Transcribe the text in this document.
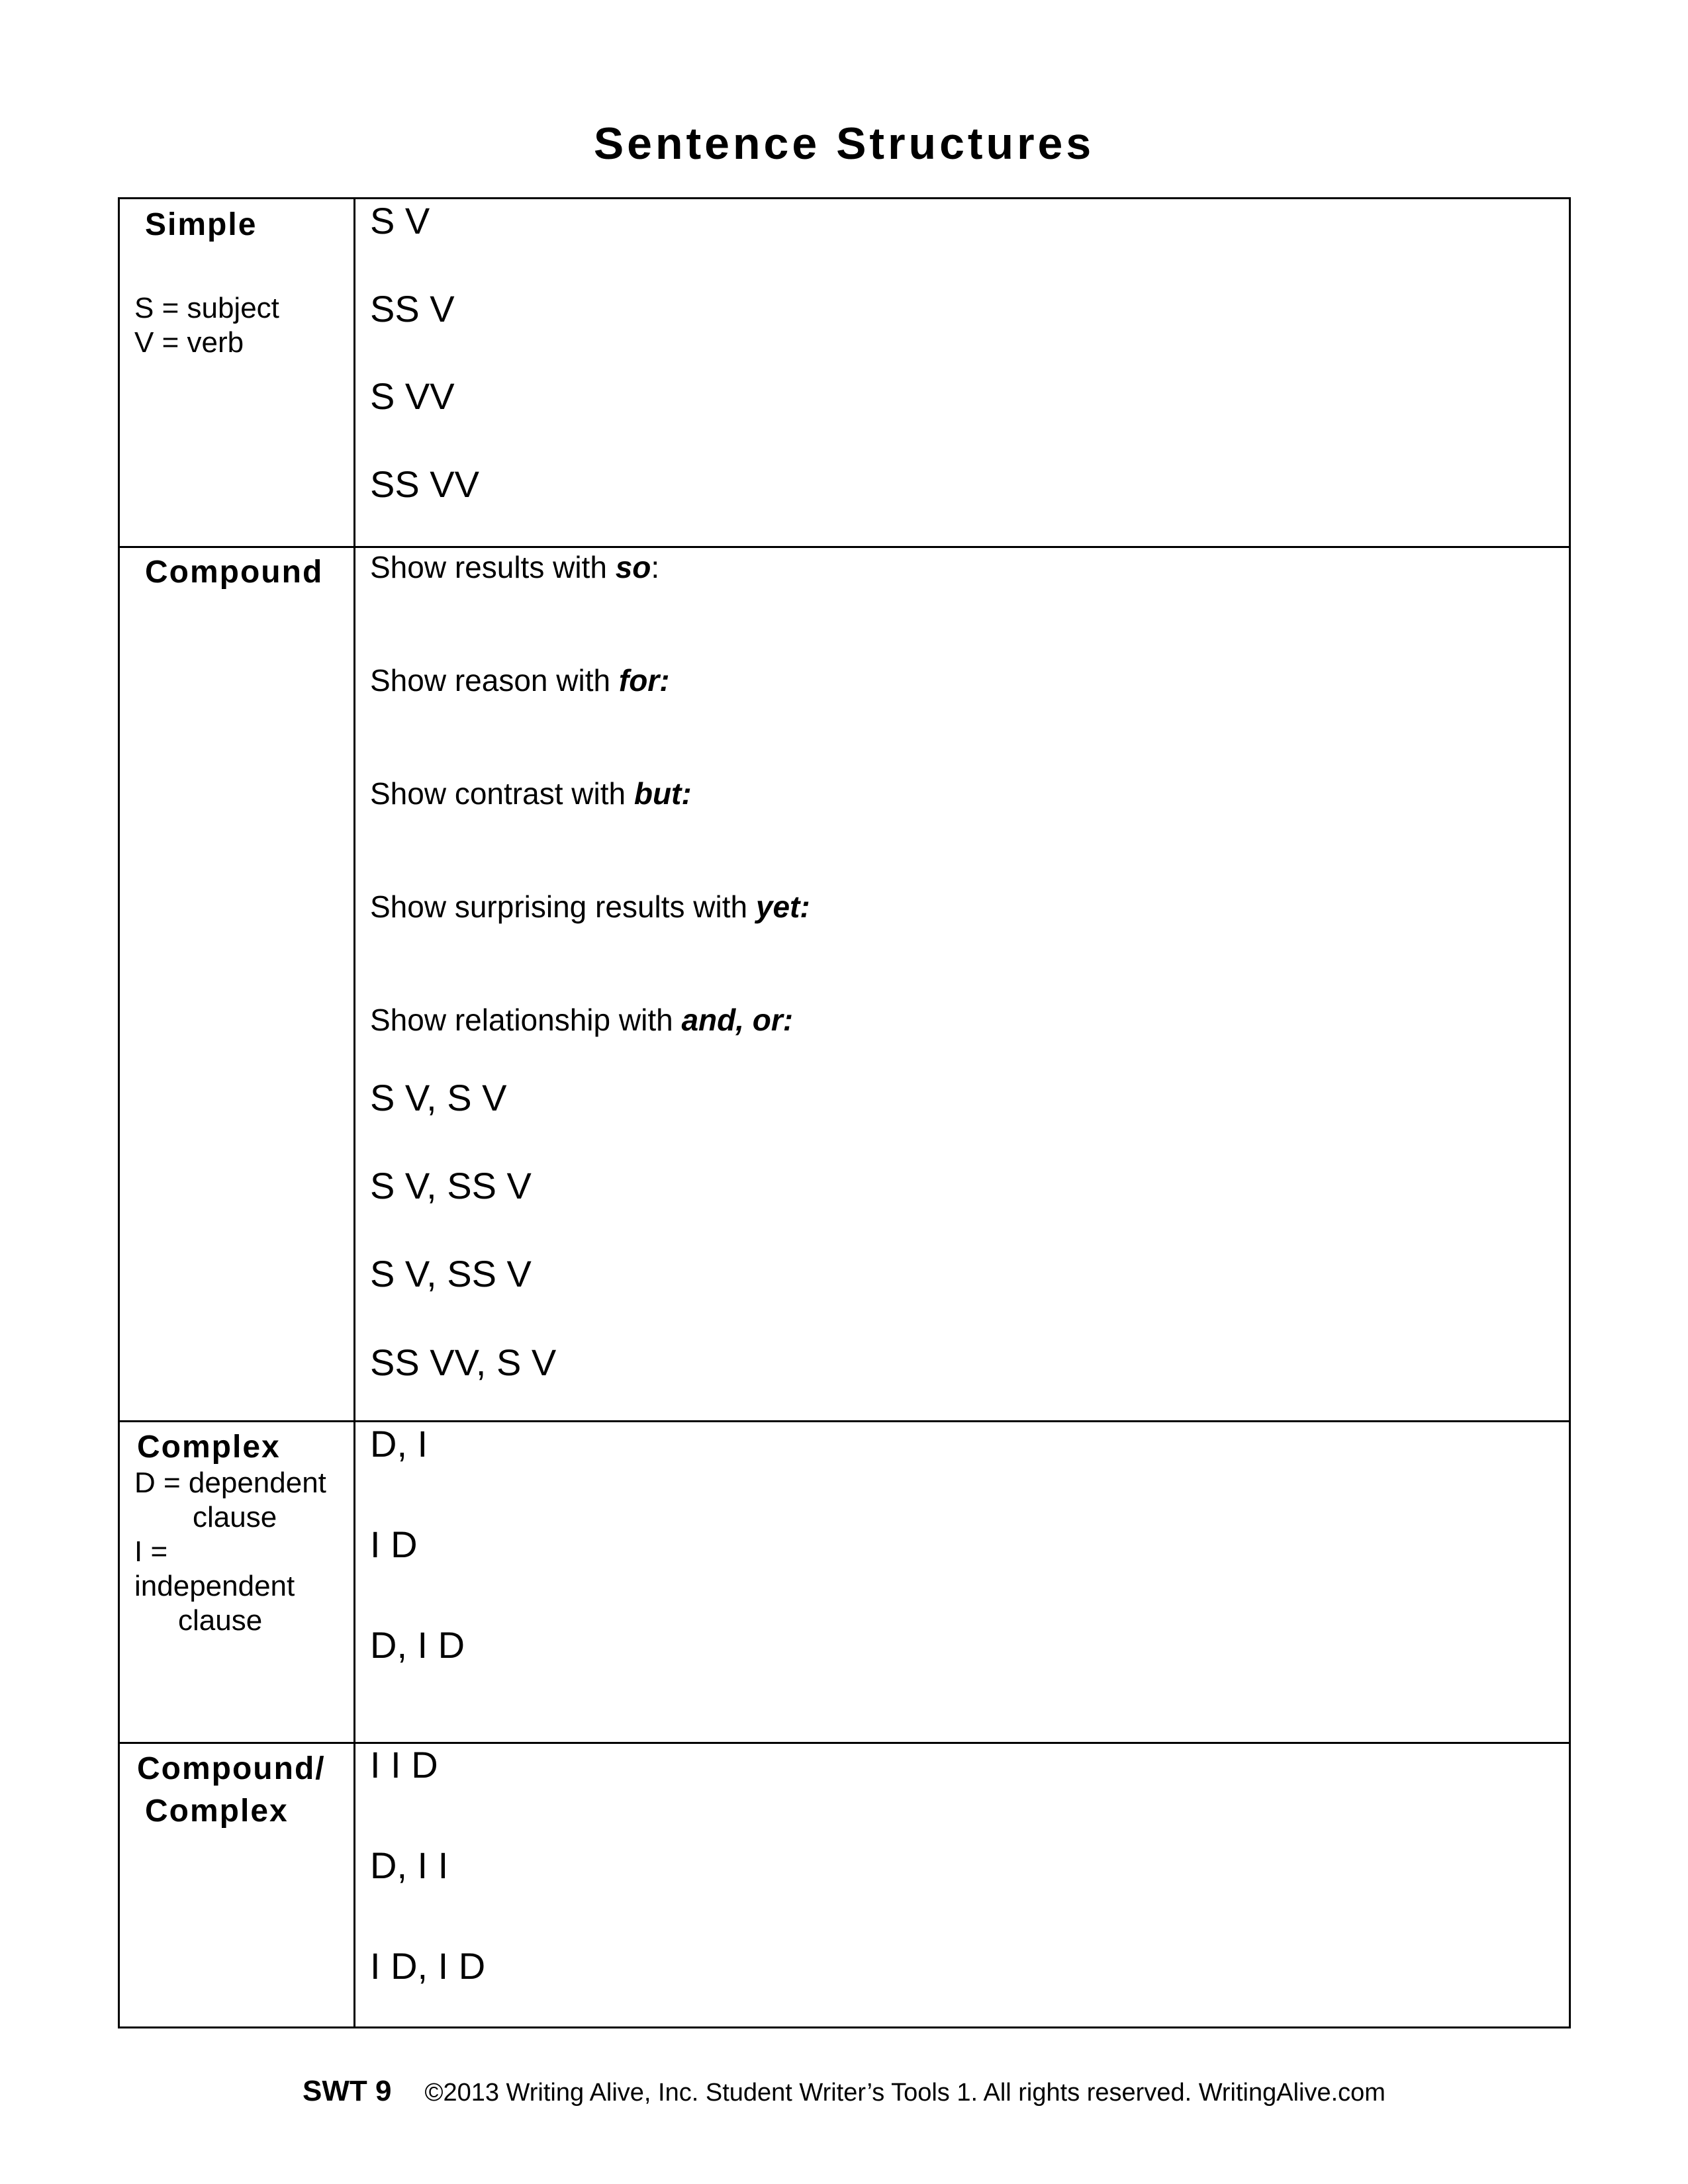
Sentence Structures
Simple
S = subject
V = verb
S V
SS V
S VV
SS VV
Compound Show results with so:
Show reason with for:
Show contrast with but:
Show surprising results with yet:
Show relationship with and, or:
S V, S V
S V, SS V
S V, SS V
SS VV, S V
Complex
D = dependent
clause
I =
independent
clause
D, I
I D
D, I D
Compound/
Complex
I I D
D, I I
I D, I D
SWT 9 ©2013 Writing Alive, Inc. Student Writer’s Tools 1. All rights reserved. WritingAlive.com
